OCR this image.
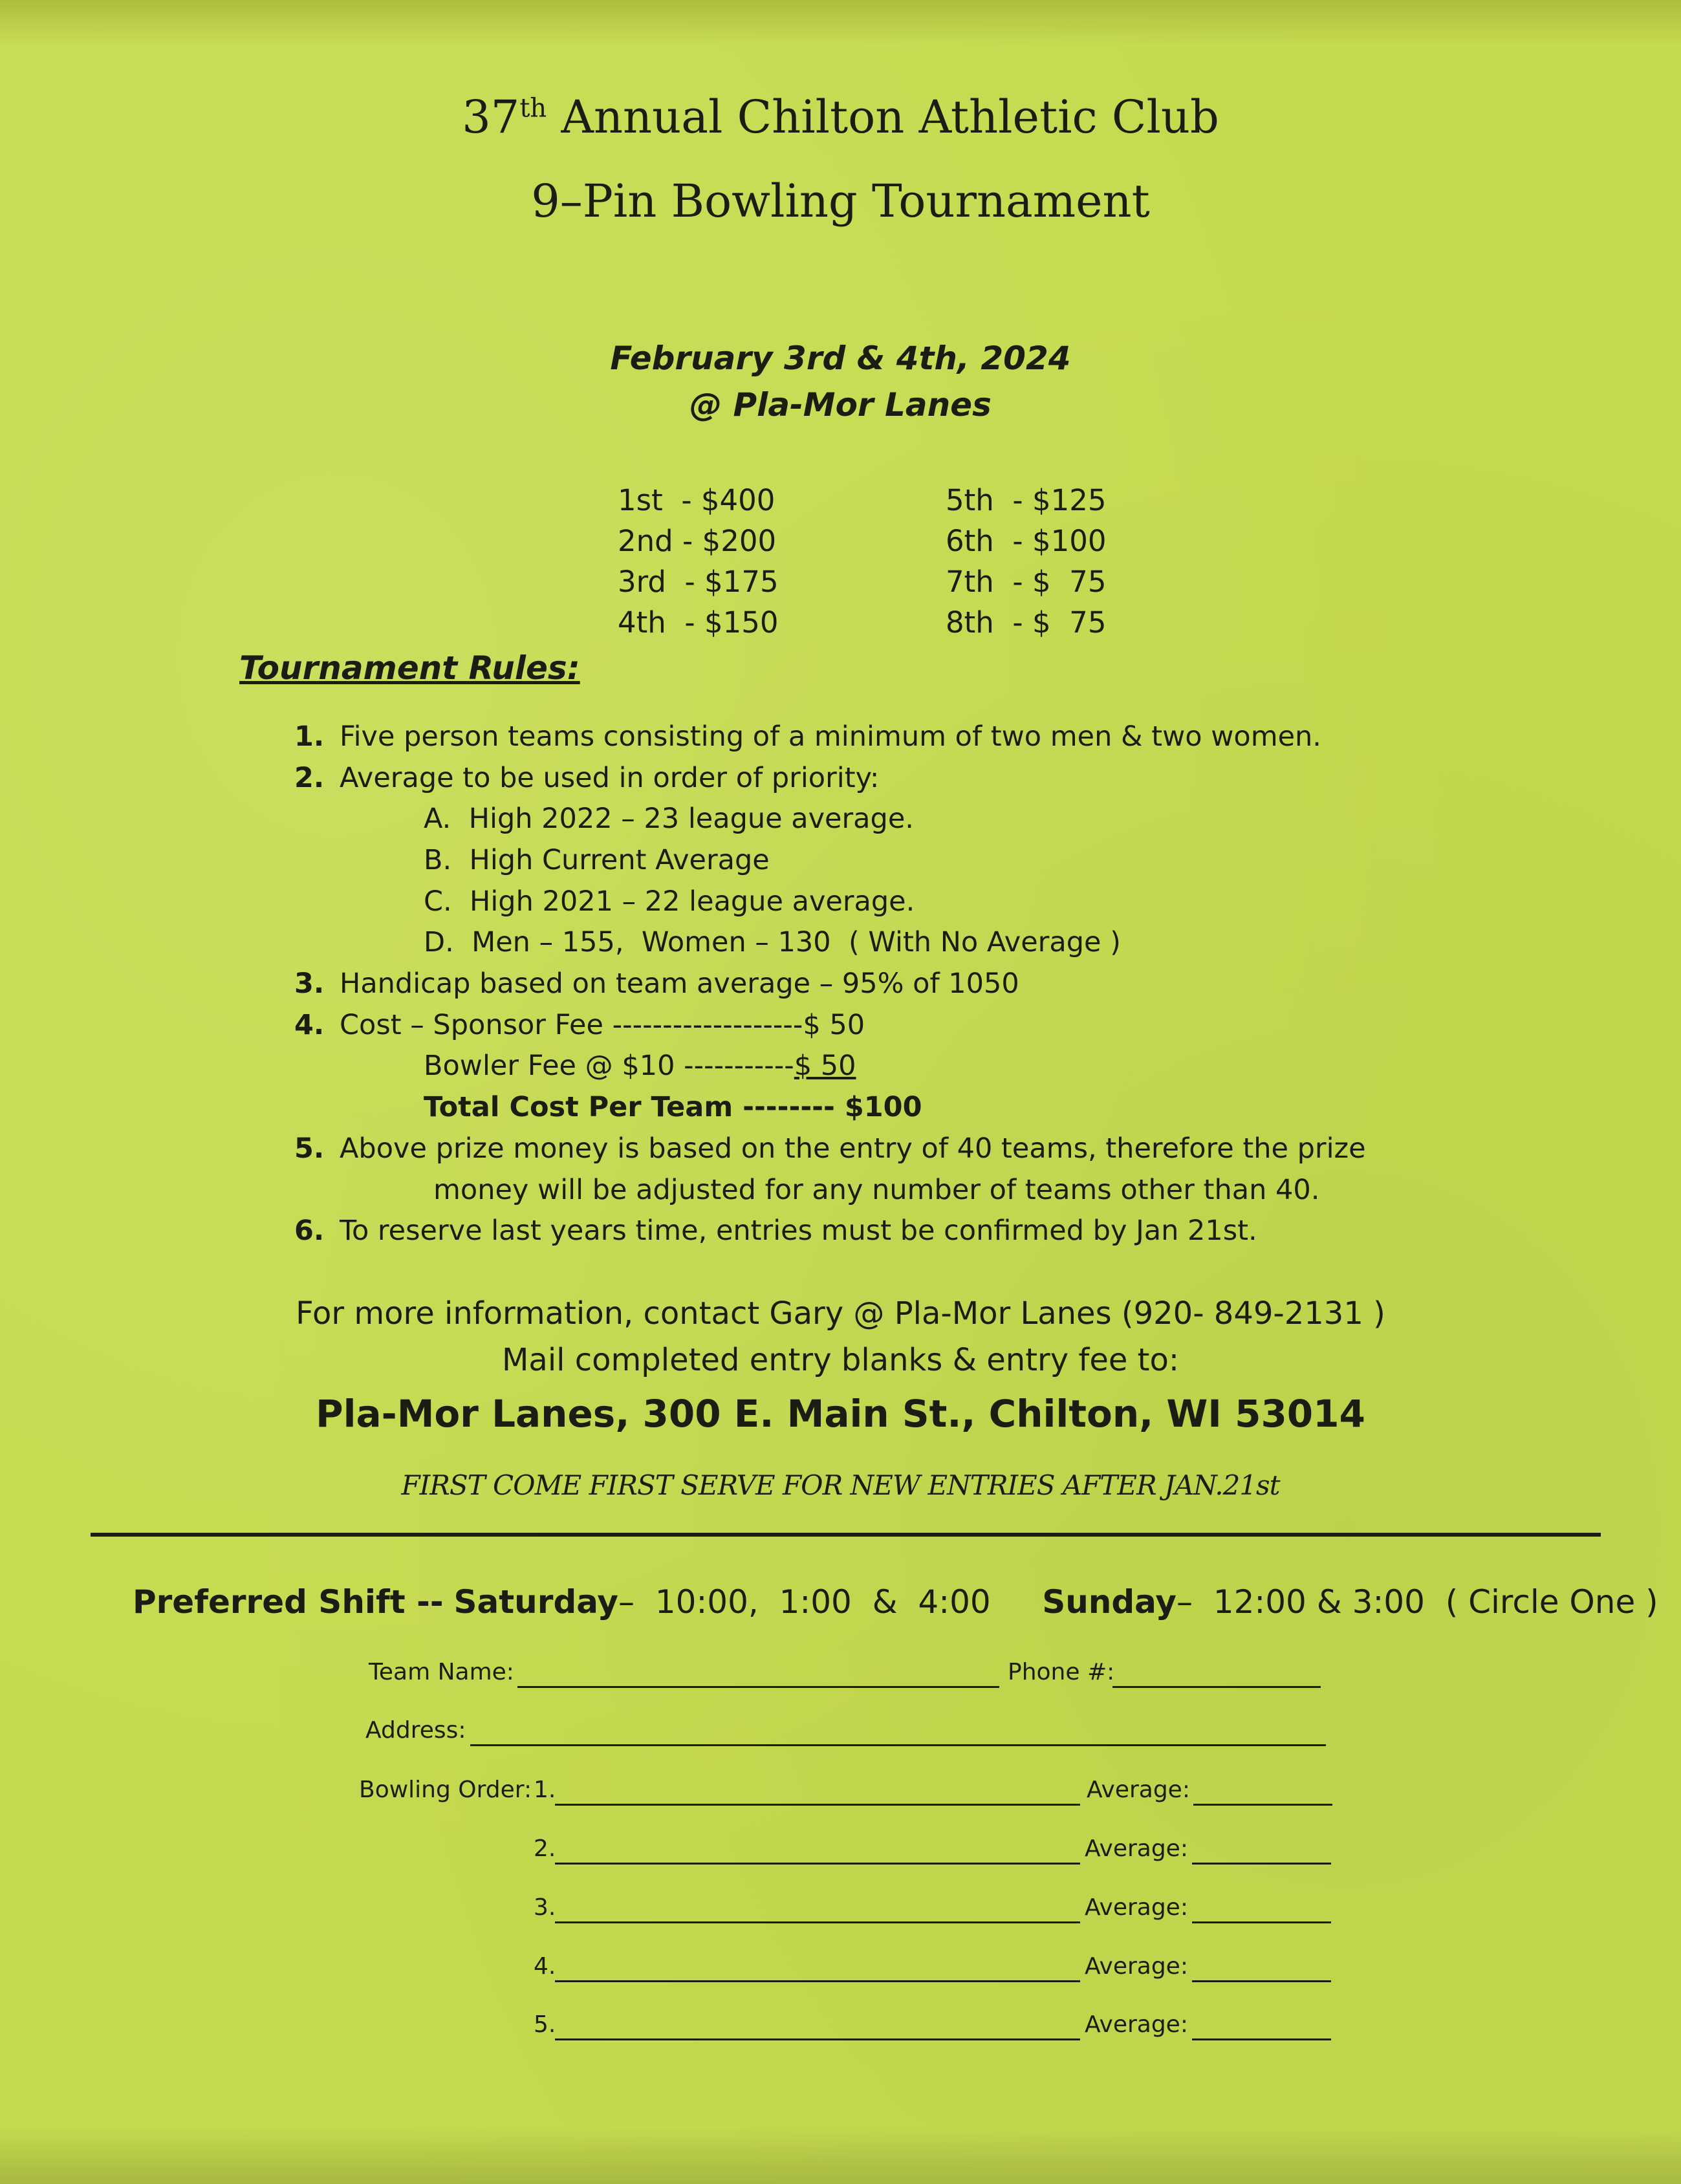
37th Annual Chilton Athletic Club
9–Pin Bowling Tournament
February 3rd & 4th, 2024
@ Pla-Mor Lanes
1st  - $400
2nd - $200
3rd  - $175
4th  - $150
5th  - $125
6th  - $100
7th  - $  75
8th  - $  75
Tournament Rules:
1. Five person teams consisting of a minimum of two men & two women.
2. Average to be used in order of priority:
A.  High 2022 – 23 league average.
B.  High Current Average
C.  High 2021 – 22 league average.
D.  Men – 155,  Women – 130  ( With No Average )
3. Handicap based on team average – 95% of 1050
4. Cost – Sponsor Fee -------------------$ 50
Bowler Fee @ $10 -----------$ 50
Total Cost Per Team -------- $100
5. Above prize money is based on the entry of 40 teams, therefore the prize
money will be adjusted for any number of teams other than 40.
6. To reserve last years time, entries must be confirmed by Jan 21st.
For more information, contact Gary @ Pla-Mor Lanes (920- 849-2131 )
Mail completed entry blanks & entry fee to:
Pla-Mor Lanes, 300 E. Main St., Chilton, WI 53014
FIRST COME FIRST SERVE FOR NEW ENTRIES AFTER JAN.21st
Preferred Shift -- Saturday–  10:00,  1:00  &  4:00 Sunday–  12:00 & 3:00  ( Circle One )
Team Name:	Phone #:
Address:
Bowling Order: 1.	Average:
2.	Average:
3.	Average:
4.	Average:
5.	Average:
